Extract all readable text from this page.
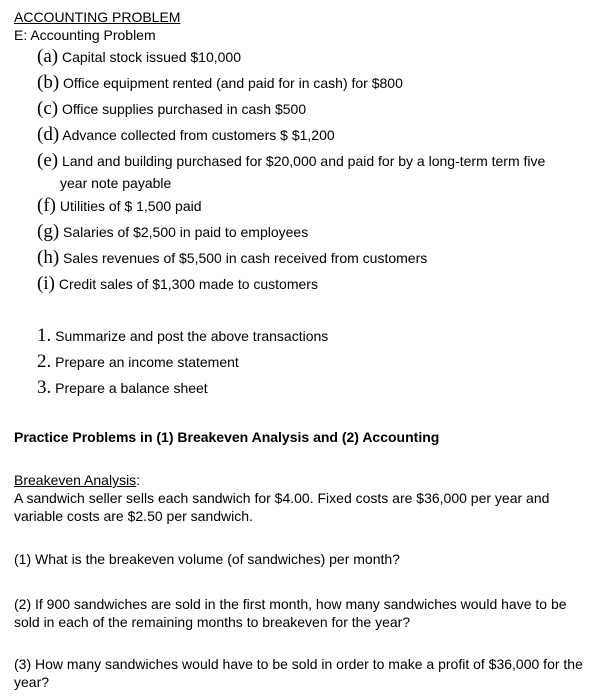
ACCOUNTING PROBLEM
E: Accounting Problem
(a) Capital stock issued $10,000
(b) Office equipment rented (and paid for in cash) for $800
(c) Office supplies purchased in cash $500
(d) Advance collected from customers $ $1,200
(e) Land and building purchased for $20,000 and paid for by a long-term term five
year note payable
(f) Utilities of $ 1,500 paid
(g) Salaries of $2,500 in paid to employees
(h) Sales revenues of $5,500 in cash received from customers
(i) Credit sales of $1,300 made to customers
1. Summarize and post the above transactions
2. Prepare an income statement
3. Prepare a balance sheet
Practice Problems in (1) Breakeven Analysis and (2) Accounting
Breakeven Analysis:
A sandwich seller sells each sandwich for $4.00. Fixed costs are $36,000 per year and variable costs are $2.50 per sandwich.
(1) What is the breakeven volume (of sandwiches) per month?
(2) If 900 sandwiches are sold in the first month, how many sandwiches would have to be sold in each of the remaining months to breakeven for the year?
(3) How many sandwiches would have to be sold in order to make a profit of $36,000 for the year?
